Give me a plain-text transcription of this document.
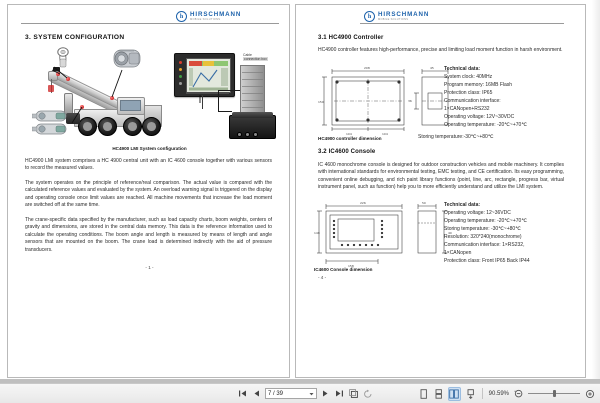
h	HIRSCHMANN
MOBILE SOLUTIONS
3. SYSTEM CONFIGURATION
Cable
connection box
HC4900 LMI System configuration
HC4900 LMI system comprises a HC 4900 central unit with an IC 4600 console together with various sensors to record the measured values.
The system operates on the principle of reference/real comparison. The actual value is compared with the calculated reference values and evaluated by the system. An overload warning signal is triggered on the display and operating console once limit values are reached. All machine movements that increase the load moment are switched off at the same time.
The crane-specific data specified by the manufacturer, such as load capacity charts, boom weights, centers of gravity and dimensions, are stored in the central data memory. This data is the reference information used to calculate the operating conditions. The boom angle and length is measured by means of length and angle sensors that are mounted on the boom. The crane load is determined indirectly with the aid of pressure transducers.
- 1 -
h	HIRSCHMANN
MOBILE SOLUTIONS
3.1 HC4900 Controller
HC4900 controller features high-performance, precise and limiting load moment function in harsh environment.
208
150
104	104
45
36
HC4900 controller dimension
Technical data:
System clock: 40MHz
Program memory: 16MB Flash
Protection class: IP65
Communication interface:
1×CANopen+RS232
Operating voltage: 12V~30VDC
Operating temperature: -20℃~+70℃
Storing temperature:-30℃~+80℃
3.2 IC4600 Console
IC 4600 monochrome console is designed for outdoor construction vehicles and mobile machinery. It complies with international standards for environmental testing, EMC testing, and CE certification. Its easy programming, convenient online debugging, and rich paint library functions (point, line, arc, rectangle, progress bar, virtual instrument panel, such as function) help you to more efficiently understand and utilize the LMI system.
226
148
158
50
40
IC4600 Console dimension
Technical data:
Operating voltage: 12~36VDC
Operating temperature: -20℃~+70℃
Storing temperature: -30℃~+80℃
Resolution: 320*240(monochrome)
Communication interface: 1×RS232,
1×CANopen
Protection class: Front IP65 Back IP44
- 4 -
7 / 39	90.59%
